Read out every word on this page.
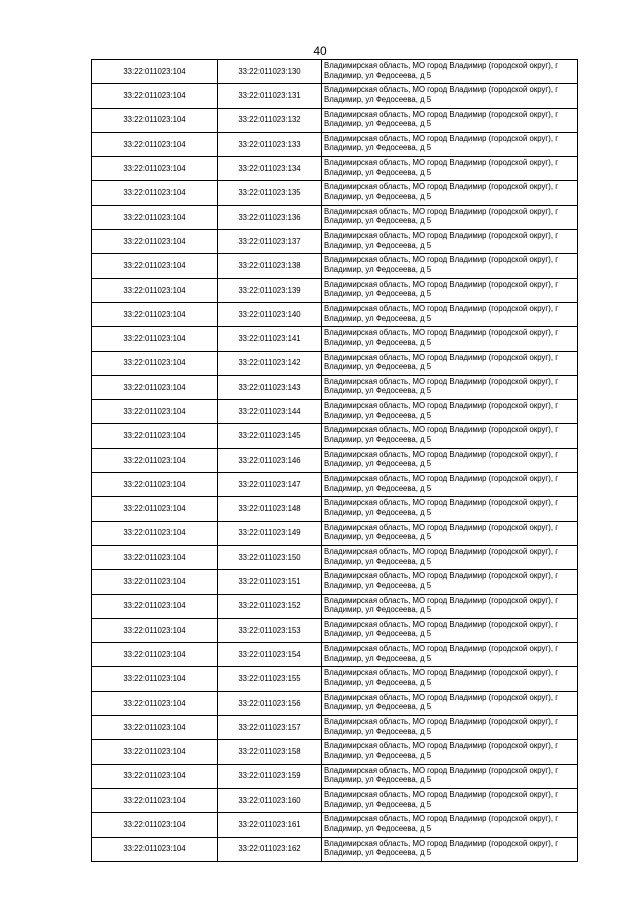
40
33:22:011023:104	33:22:011023:130	Владимирская область, МО город Владимир (городской округ), г Владимир, ул Федосеева, д 5
33:22:011023:104	33:22:011023:131	Владимирская область, МО город Владимир (городской округ), г Владимир, ул Федосеева, д 5
33:22:011023:104	33:22:011023:132	Владимирская область, МО город Владимир (городской округ), г Владимир, ул Федосеева, д 5
33:22:011023:104	33:22:011023:133	Владимирская область, МО город Владимир (городской округ), г Владимир, ул Федосеева, д 5
33:22:011023:104	33:22:011023:134	Владимирская область, МО город Владимир (городской округ), г Владимир, ул Федосеева, д 5
33:22:011023:104	33:22:011023:135	Владимирская область, МО город Владимир (городской округ), г Владимир, ул Федосеева, д 5
33:22:011023:104	33:22:011023:136	Владимирская область, МО город Владимир (городской округ), г Владимир, ул Федосеева, д 5
33:22:011023:104	33:22:011023:137	Владимирская область, МО город Владимир (городской округ), г Владимир, ул Федосеева, д 5
33:22:011023:104	33:22:011023:138	Владимирская область, МО город Владимир (городской округ), г Владимир, ул Федосеева, д 5
33:22:011023:104	33:22:011023:139	Владимирская область, МО город Владимир (городской округ), г Владимир, ул Федосеева, д 5
33:22:011023:104	33:22:011023:140	Владимирская область, МО город Владимир (городской округ), г Владимир, ул Федосеева, д 5
33:22:011023:104	33:22:011023:141	Владимирская область, МО город Владимир (городской округ), г Владимир, ул Федосеева, д 5
33:22:011023:104	33:22:011023:142	Владимирская область, МО город Владимир (городской округ), г Владимир, ул Федосеева, д 5
33:22:011023:104	33:22:011023:143	Владимирская область, МО город Владимир (городской округ), г Владимир, ул Федосеева, д 5
33:22:011023:104	33:22:011023:144	Владимирская область, МО город Владимир (городской округ), г Владимир, ул Федосеева, д 5
33:22:011023:104	33:22:011023:145	Владимирская область, МО город Владимир (городской округ), г Владимир, ул Федосеева, д 5
33:22:011023:104	33:22:011023:146	Владимирская область, МО город Владимир (городской округ), г Владимир, ул Федосеева, д 5
33:22:011023:104	33:22:011023:147	Владимирская область, МО город Владимир (городской округ), г Владимир, ул Федосеева, д 5
33:22:011023:104	33:22:011023:148	Владимирская область, МО город Владимир (городской округ), г Владимир, ул Федосеева, д 5
33:22:011023:104	33:22:011023:149	Владимирская область, МО город Владимир (городской округ), г Владимир, ул Федосеева, д 5
33:22:011023:104	33:22:011023:150	Владимирская область, МО город Владимир (городской округ), г Владимир, ул Федосеева, д 5
33:22:011023:104	33:22:011023:151	Владимирская область, МО город Владимир (городской округ), г Владимир, ул Федосеева, д 5
33:22:011023:104	33:22:011023:152	Владимирская область, МО город Владимир (городской округ), г Владимир, ул Федосеева, д 5
33:22:011023:104	33:22:011023:153	Владимирская область, МО город Владимир (городской округ), г Владимир, ул Федосеева, д 5
33:22:011023:104	33:22:011023:154	Владимирская область, МО город Владимир (городской округ), г Владимир, ул Федосеева, д 5
33:22:011023:104	33:22:011023:155	Владимирская область, МО город Владимир (городской округ), г Владимир, ул Федосеева, д 5
33:22:011023:104	33:22:011023:156	Владимирская область, МО город Владимир (городской округ), г Владимир, ул Федосеева, д 5
33:22:011023:104	33:22:011023:157	Владимирская область, МО город Владимир (городской округ), г Владимир, ул Федосеева, д 5
33:22:011023:104	33:22:011023:158	Владимирская область, МО город Владимир (городской округ), г Владимир, ул Федосеева, д 5
33:22:011023:104	33:22:011023:159	Владимирская область, МО город Владимир (городской округ), г Владимир, ул Федосеева, д 5
33:22:011023:104	33:22:011023:160	Владимирская область, МО город Владимир (городской округ), г Владимир, ул Федосеева, д 5
33:22:011023:104	33:22:011023:161	Владимирская область, МО город Владимир (городской округ), г Владимир, ул Федосеева, д 5
33:22:011023:104	33:22:011023:162	Владимирская область, МО город Владимир (городской округ), г Владимир, ул Федосеева, д 5
